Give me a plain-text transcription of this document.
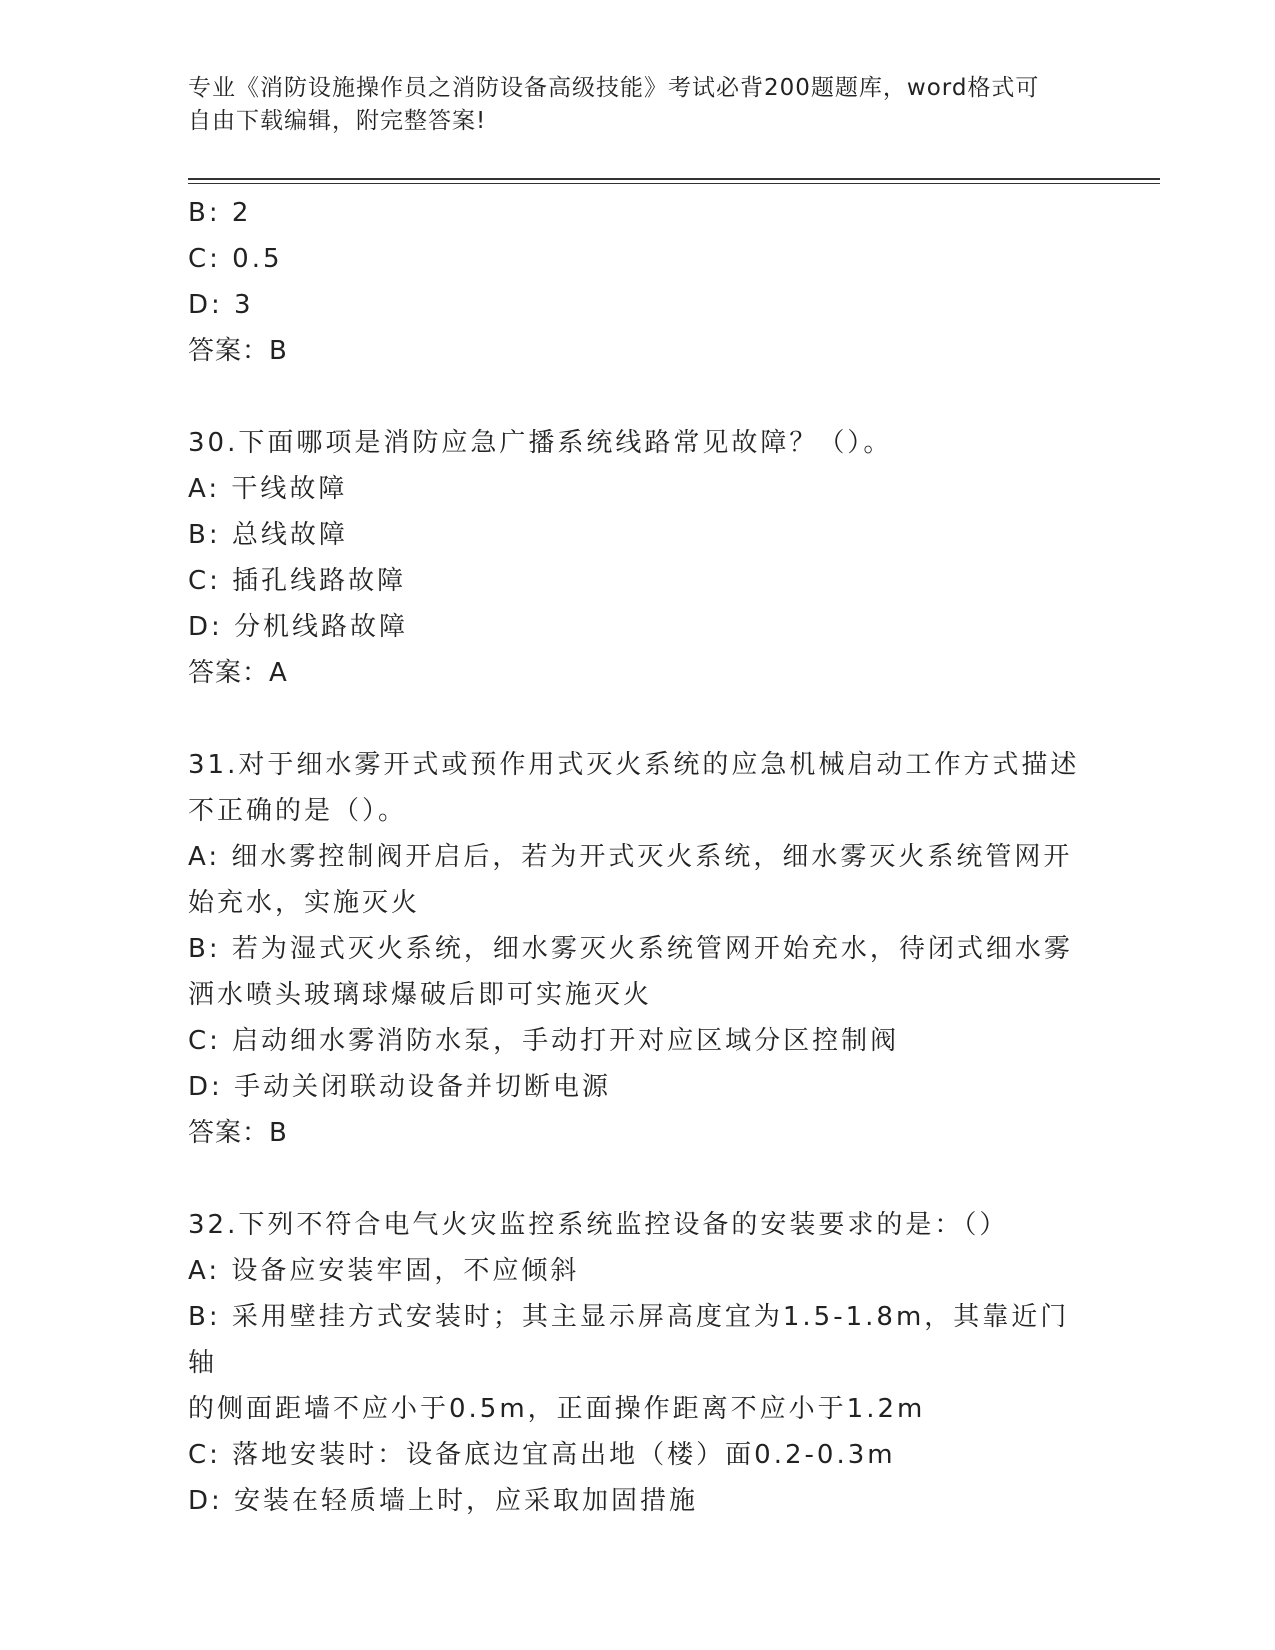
专业《消防设施操作员之消防设备高级技能》考试必背200题题库，word格式可
自由下载编辑，附完整答案!

B: 2

C: 0.5

D: 3

答案：B

30.下面哪项是消防应急广播系统线路常见故障？（）。

A: 干线故障

B: 总线故障

C: 插孔线路故障

D: 分机线路故障

答案：A

31.对于细水雾开式或预作用式灭火系统的应急机械启动工作方式描述

不正确的是（）。

A: 细水雾控制阀开启后，若为开式灭火系统，细水雾灭火系统管网开

始充水，实施灭火

B: 若为湿式灭火系统，细水雾灭火系统管网开始充水，待闭式细水雾

洒水喷头玻璃球爆破后即可实施灭火

C: 启动细水雾消防水泵，手动打开对应区域分区控制阀

D: 手动关闭联动设备并切断电源

答案：B

32.下列不符合电气火灾监控系统监控设备的安装要求的是：（）

A: 设备应安装牢固，不应倾斜

B: 采用壁挂方式安装时；其主显示屏高度宜为1.5-1.8m，其靠近门轴

的侧面距墙不应小于0.5m，正面操作距离不应小于1.2m

C: 落地安装时：设备底边宜高出地（楼）面0.2-0.3m

D: 安装在轻质墙上时，应采取加固措施
